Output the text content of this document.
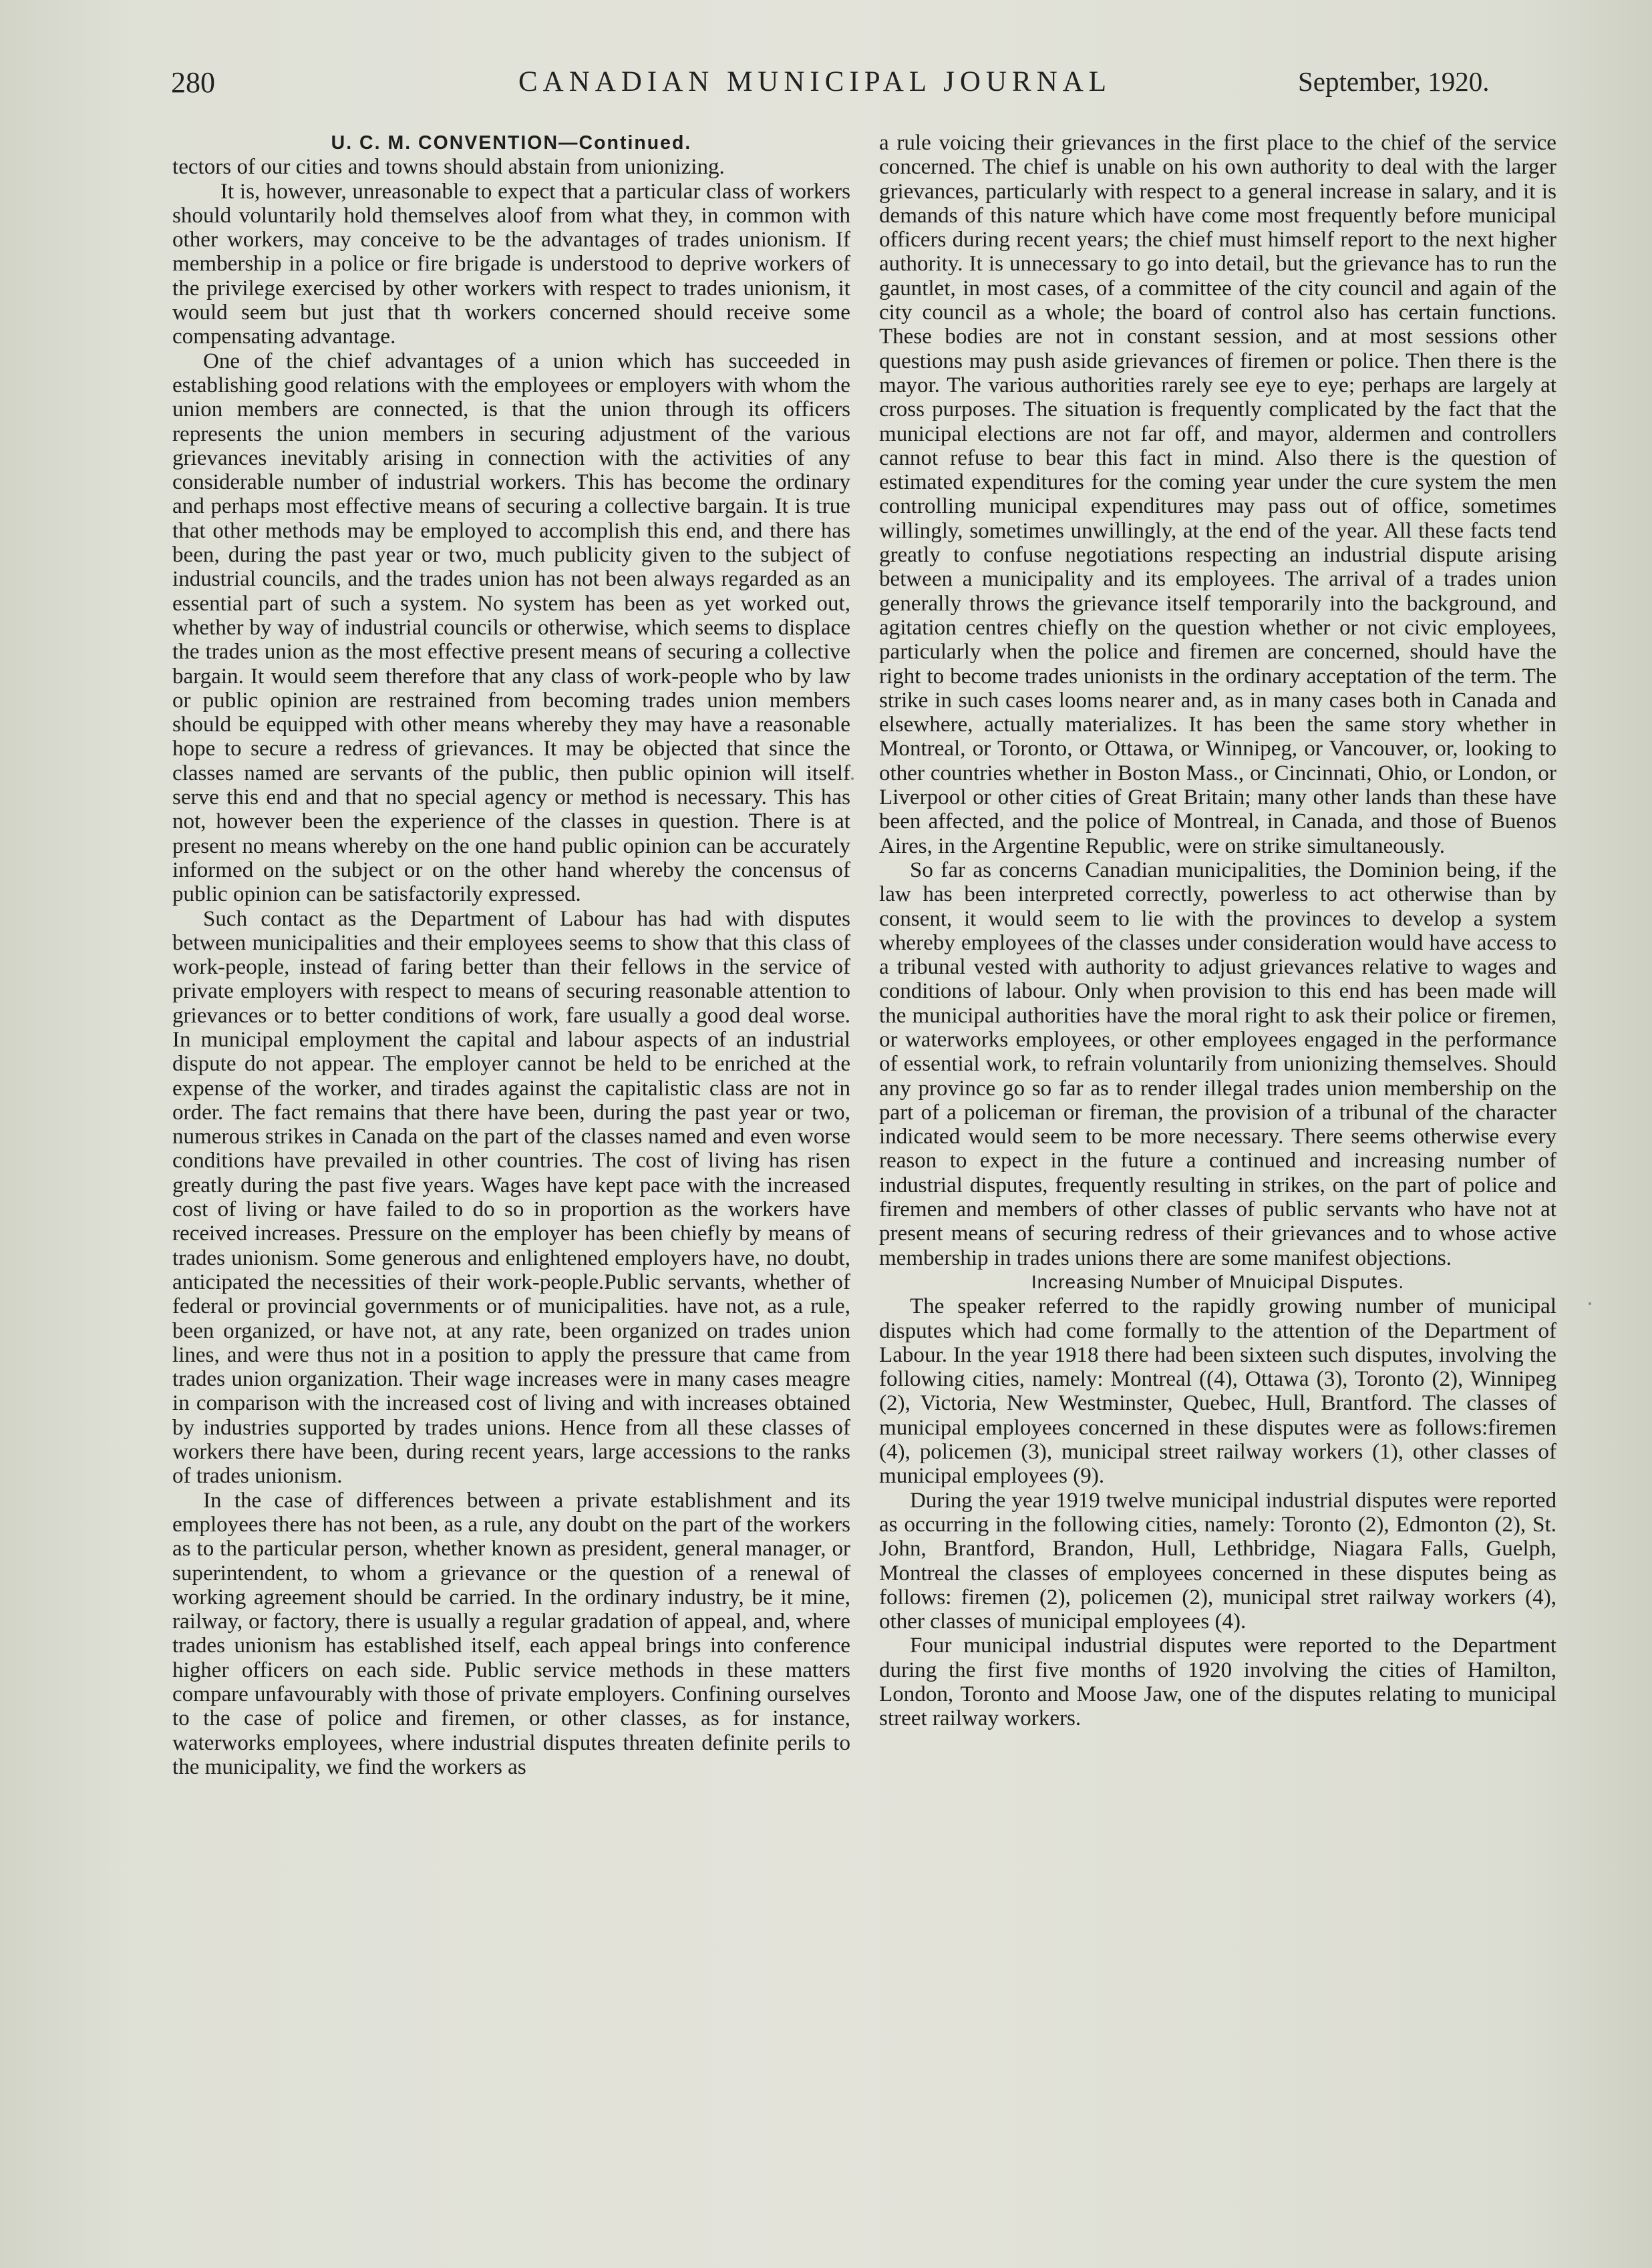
280	CANADIAN MUNICIPAL JOURNAL	September, 1920.
U. C. M. CONVENTION—Continued.

tectors of our cities and towns should abstain from unionizing.

It is, however, unreasonable to expect that a particular class of workers should voluntarily hold themselves aloof from what they, in common with other workers, may conceive to be the advantages of trades unionism. If membership in a police or fire brigade is understood to deprive workers of the privilege exercised by other workers with respect to trades unionism, it would seem but just that th workers concerned should receive some compensating advantage.

One of the chief advantages of a union which has succeeded in establishing good relations with the employees or employers with whom the union members are connected, is that the union through its officers represents the union members in securing adjustment of the various grievances inevitably arising in connection with the activities of any considerable number of industrial workers. This has become the ordinary and perhaps most effective means of securing a collective bargain. It is true that other methods may be employed to accomplish this end, and there has been, during the past year or two, much publicity given to the subject of industrial councils, and the trades union has not been always regarded as an essential part of such a system. No system has been as yet worked out, whether by way of industrial councils or otherwise, which seems to displace the trades union as the most effective present means of securing a collective bargain. It would seem therefore that any class of work-people who by law or public opinion are restrained from becoming trades union members should be equipped with other means whereby they may have a reasonable hope to secure a redress of grievances. It may be objected that since the classes named are servants of the public, then public opinion will itself serve this end and that no special agency or method is necessary. This has not, however been the experience of the classes in question. There is at present no means whereby on the one hand public opinion can be accurately informed on the subject or on the other hand whereby the concensus of public opinion can be satisfactorily expressed.

Such contact as the Department of Labour has had with disputes between municipalities and their employees seems to show that this class of work-people, instead of faring better than their fellows in the service of private employers with respect to means of securing reasonable attention to grievances or to better conditions of work, fare usually a good deal worse. In municipal employment the capital and labour aspects of an industrial dispute do not appear. The employer cannot be held to be enriched at the expense of the worker, and tirades against the capitalistic class are not in order. The fact remains that there have been, during the past year or two, numerous strikes in Canada on the part of the classes named and even worse conditions have prevailed in other countries. The cost of living has risen greatly during the past five years. Wages have kept pace with the increased cost of living or have failed to do so in proportion as the workers have received increases. Pressure on the employer has been chiefly by means of trades unionism. Some generous and enlightened employers have, no doubt, anticipated the necessities of their work-people.Public servants, whether of federal or provincial governments or of municipalities. have not, as a rule, been organized, or have not, at any rate, been organized on trades union lines, and were thus not in a position to apply the pressure that came from trades union organization. Their wage increases were in many cases meagre in comparison with the increased cost of living and with increases obtained by industries supported by trades unions. Hence from all these classes of workers there have been, during recent years, large accessions to the ranks of trades unionism.

In the case of differences between a private establishment and its employees there has not been, as a rule, any doubt on the part of the workers as to the particular person, whether known as president, general manager, or superintendent, to whom a grievance or the question of a renewal of working agreement should be carried. In the ordinary industry, be it mine, railway, or factory, there is usually a regular gradation of appeal, and, where trades unionism has established itself, each appeal brings into conference higher officers on each side. Public service methods in these matters compare unfavourably with those of private employers. Confining ourselves to the case of police and firemen, or other classes, as for instance, waterworks employees, where industrial disputes threaten definite perils to the municipality, we find the workers as

a rule voicing their grievances in the first place to the chief of the service concerned. The chief is unable on his own authority to deal with the larger grievances, particularly with respect to a general increase in salary, and it is demands of this nature which have come most frequently before municipal officers during recent years; the chief must himself report to the next higher authority. It is unnecessary to go into detail, but the grievance has to run the gauntlet, in most cases, of a committee of the city council and again of the city council as a whole; the board of control also has certain functions. These bodies are not in constant session, and at most sessions other questions may push aside grievances of firemen or police. Then there is the mayor. The various authorities rarely see eye to eye; perhaps are largely at cross purposes. The situation is frequently complicated by the fact that the municipal elections are not far off, and mayor, aldermen and controllers cannot refuse to bear this fact in mind. Also there is the question of estimated expenditures for the coming year under the cure system the men controlling municipal expenditures may pass out of office, sometimes willingly, sometimes unwillingly, at the end of the year. All these facts tend greatly to confuse negotiations respecting an industrial dispute arising between a municipality and its employees. The arrival of a trades union generally throws the grievance itself temporarily into the background, and agitation centres chiefly on the question whether or not civic employees, particularly when the police and firemen are concerned, should have the right to become trades unionists in the ordinary acceptation of the term. The strike in such cases looms nearer and, as in many cases both in Canada and elsewhere, actually materializes. It has been the same story whether in Montreal, or Toronto, or Ottawa, or Winnipeg, or Vancouver, or, looking to other countries whether in Boston Mass., or Cincinnati, Ohio, or London, or Liverpool or other cities of Great Britain; many other lands than these have been affected, and the police of Montreal, in Canada, and those of Buenos Aires, in the Argentine Republic, were on strike simultaneously.

So far as concerns Canadian municipalities, the Dominion being, if the law has been interpreted correctly, powerless to act otherwise than by consent, it would seem to lie with the provinces to develop a system whereby employees of the classes under consideration would have access to a tribunal vested with authority to adjust grievances relative to wages and conditions of labour. Only when provision to this end has been made will the municipal authorities have the moral right to ask their police or firemen, or waterworks employees, or other employees engaged in the performance of essential work, to refrain voluntarily from unionizing themselves. Should any province go so far as to render illegal trades union membership on the part of a policeman or fireman, the provision of a tribunal of the character indicated would seem to be more necessary. There seems otherwise every reason to expect in the future a continued and increasing number of industrial disputes, frequently resulting in strikes, on the part of police and firemen and members of other classes of public servants who have not at present means of securing redress of their grievances and to whose active membership in trades unions there are some manifest objections.

Increasing Number of Mnuicipal Disputes.

The speaker referred to the rapidly growing number of municipal disputes which had come formally to the attention of the Department of Labour. In the year 1918 there had been sixteen such disputes, involving the following cities, namely: Montreal ((4), Ottawa (3), Toronto (2), Winnipeg (2), Victoria, New Westminster, Quebec, Hull, Brantford. The classes of municipal employees concerned in these disputes were as follows:firemen (4), policemen (3), municipal street railway workers (1), other classes of municipal employees (9).

During the year 1919 twelve municipal industrial disputes were reported as occurring in the following cities, namely: Toronto (2), Edmonton (2), St. John, Brantford, Brandon, Hull, Lethbridge, Niagara Falls, Guelph, Montreal the classes of employees concerned in these disputes being as follows: firemen (2), policemen (2), municipal stret railway workers (4), other classes of municipal employees (4).

Four municipal industrial disputes were reported to the Department during the first five months of 1920 involving the cities of Hamilton, London, Toronto and Moose Jaw, one of the disputes relating to municipal street railway workers.
